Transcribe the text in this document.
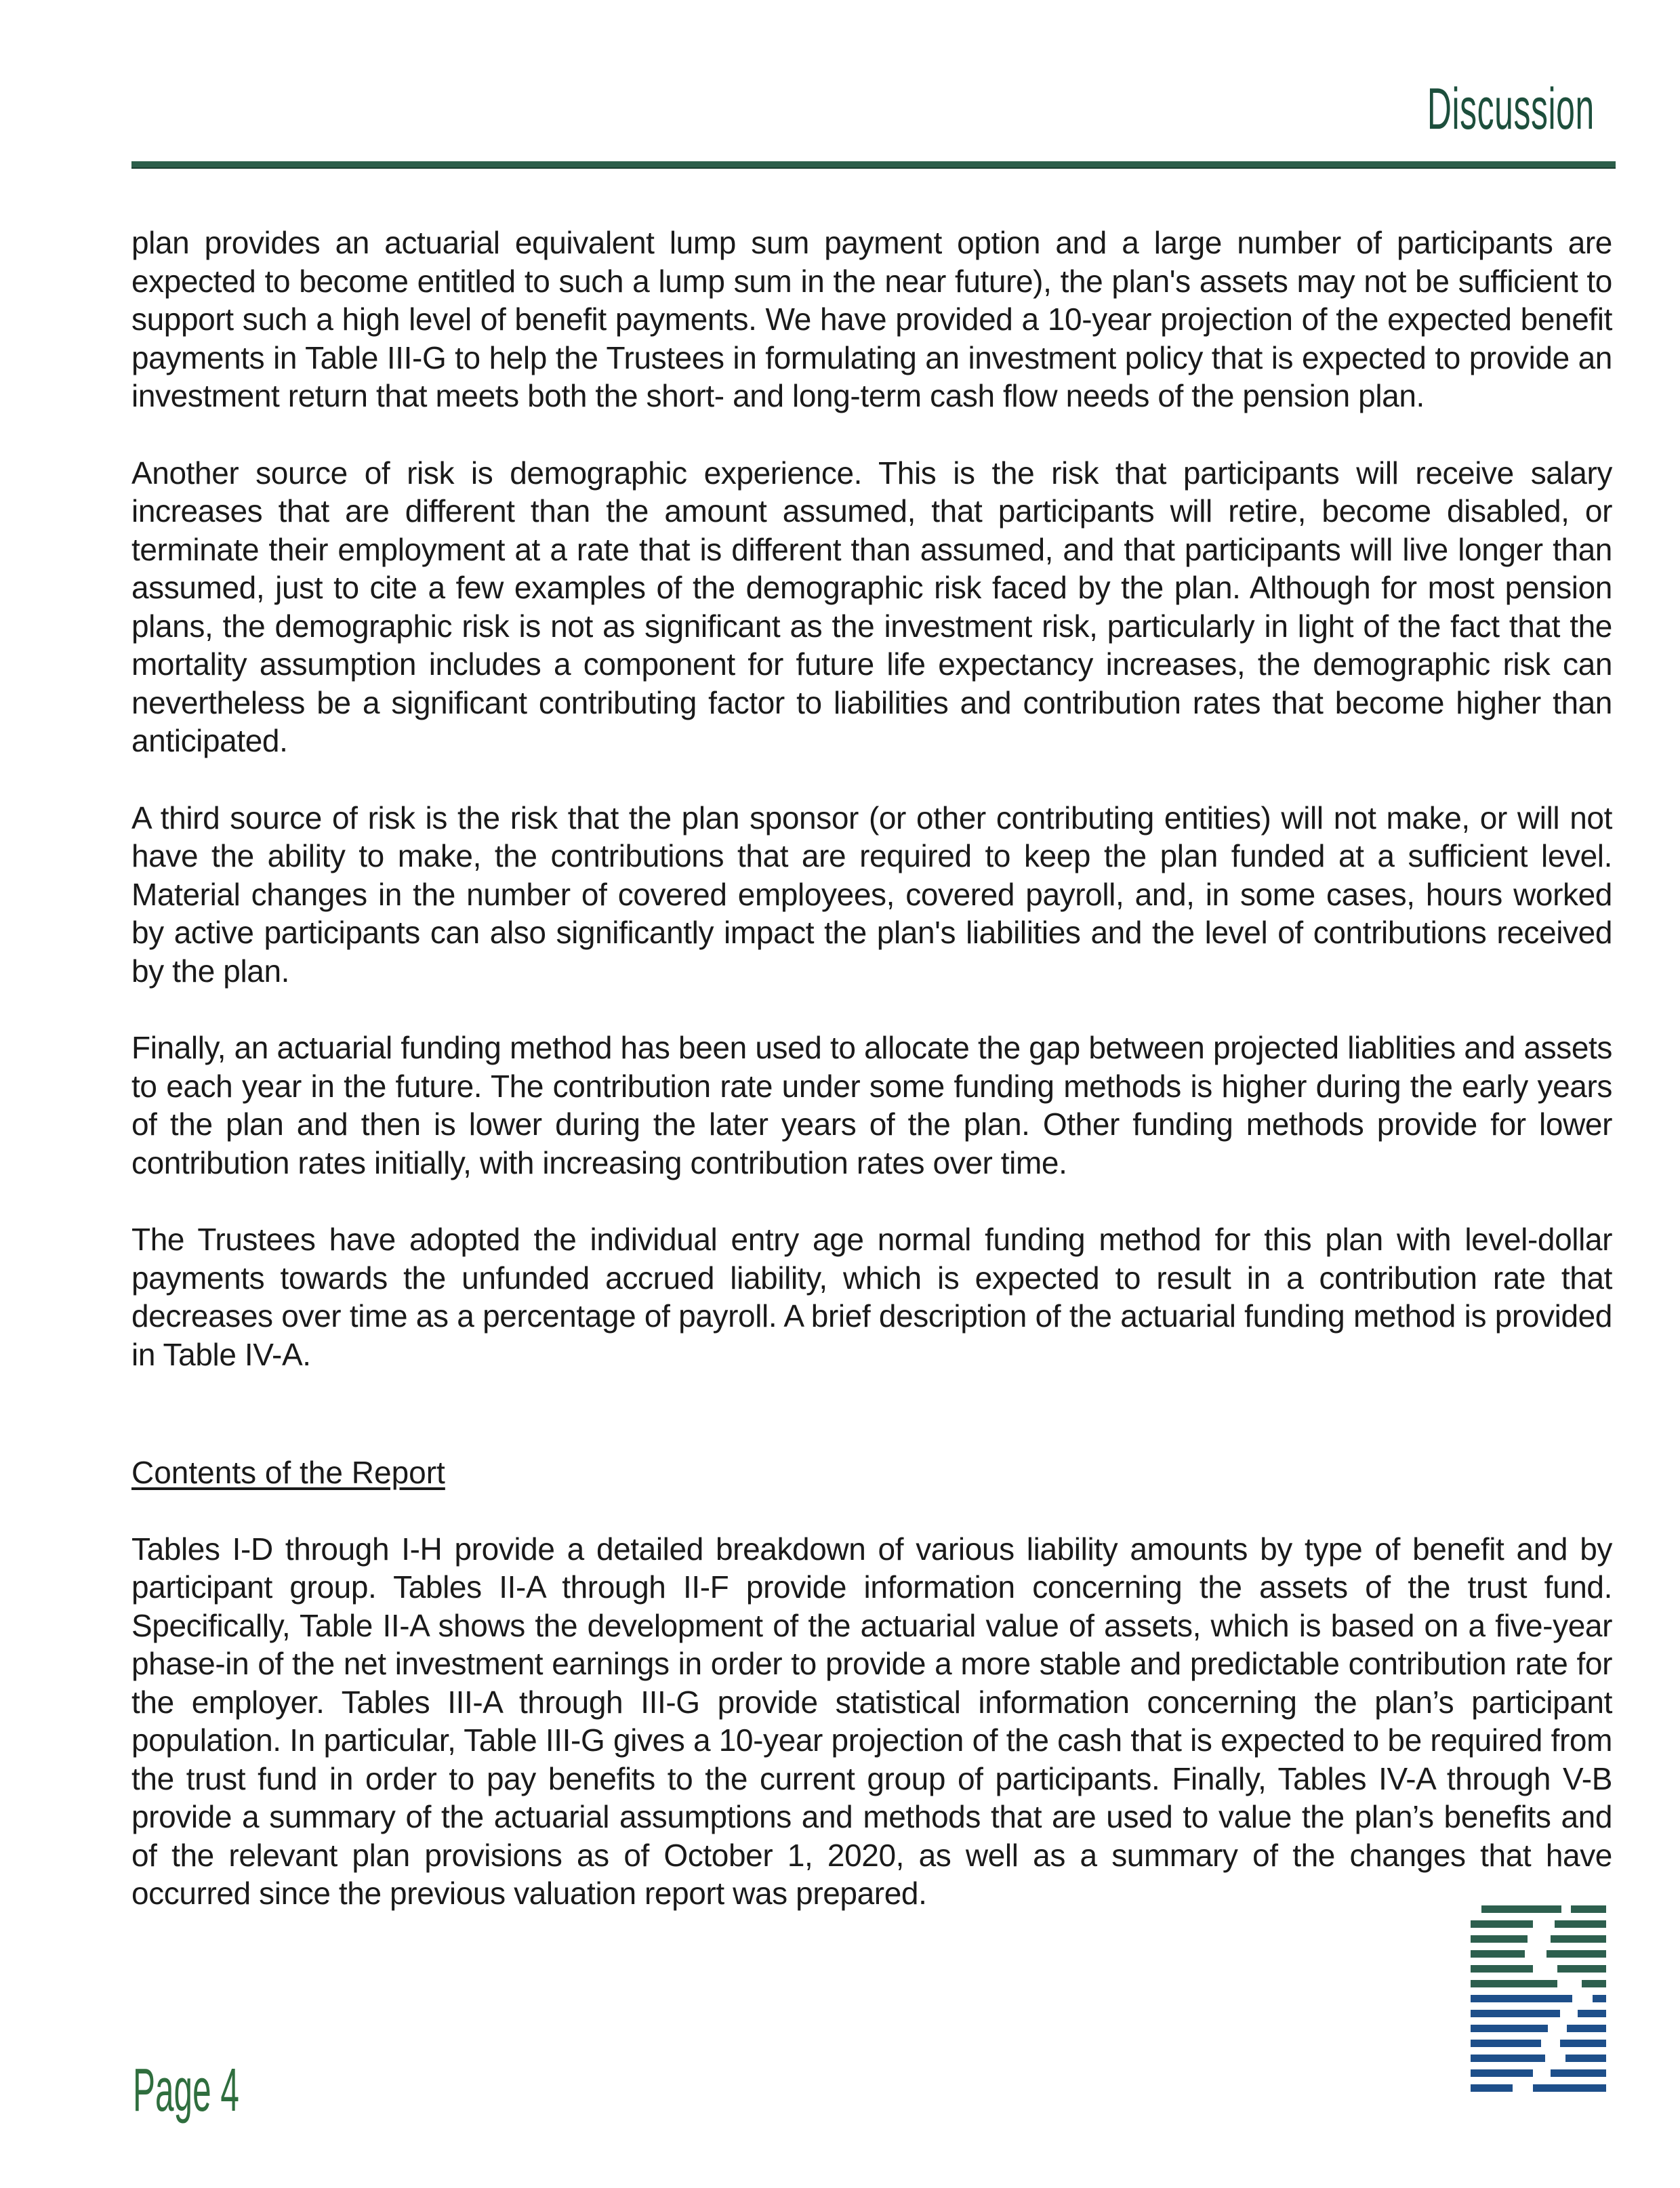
Discussion

plan provides an actuarial equivalent lump sum payment option and a large number of participants are expected to become entitled to such a lump sum in the near future), the plan's assets may not be sufficient to support such a high level of benefit payments. We have provided a 10-year projection of the expected benefit payments in Table III-G to help the Trustees in formulating an investment policy that is expected to provide an investment return that meets both the short- and long-term cash flow needs of the pension plan.

Another source of risk is demographic experience. This is the risk that participants will receive salary increases that are different than the amount assumed, that participants will retire, become disabled, or terminate their employment at a rate that is different than assumed, and that participants will live longer than assumed, just to cite a few examples of the demographic risk faced by the plan. Although for most pension plans, the demographic risk is not as significant as the investment risk, particularly in light of the fact that the mortality assumption includes a component for future life expectancy increases, the demographic risk can nevertheless be a significant contributing factor to liabilities and contribution rates that become higher than anticipated.

A third source of risk is the risk that the plan sponsor (or other contributing entities) will not make, or will not have the ability to make, the contributions that are required to keep the plan funded at a sufficient level. Material changes in the number of covered employees, covered payroll, and, in some cases, hours worked by active participants can also significantly impact the plan's liabilities and the level of contributions received by the plan.

Finally, an actuarial funding method has been used to allocate the gap between projected liablities and assets to each year in the future. The contribution rate under some funding methods is higher during the early years of the plan and then is lower during the later years of the plan. Other funding methods provide for lower contribution rates initially, with increasing contribution rates over time.

The Trustees have adopted the individual entry age normal funding method for this plan with level-dollar payments towards the unfunded accrued liability, which is expected to result in a contribution rate that decreases over time as a percentage of payroll. A brief description of the actuarial funding method is provided in Table IV-A.

Contents of the Report

Tables I-D through I-H provide a detailed breakdown of various liability amounts by type of benefit and by participant group. Tables II-A through II-F provide information concerning the assets of the trust fund. Specifically, Table II-A shows the development of the actuarial value of assets, which is based on a five-year phase-in of the net investment earnings in order to provide a more stable and predictable contribution rate for the employer. Tables III-A through III-G provide statistical information concerning the plan’s participant population. In particular, Table III-G gives a 10-year projection of the cash that is expected to be required from the trust fund in order to pay benefits to the current group of participants. Finally, Tables IV-A through V-B provide a summary of the actuarial assumptions and methods that are used to value the plan’s benefits and of the relevant plan provisions as of October 1, 2020, as well as a summary of the changes that have occurred since the previous valuation report was prepared.

Page 4
